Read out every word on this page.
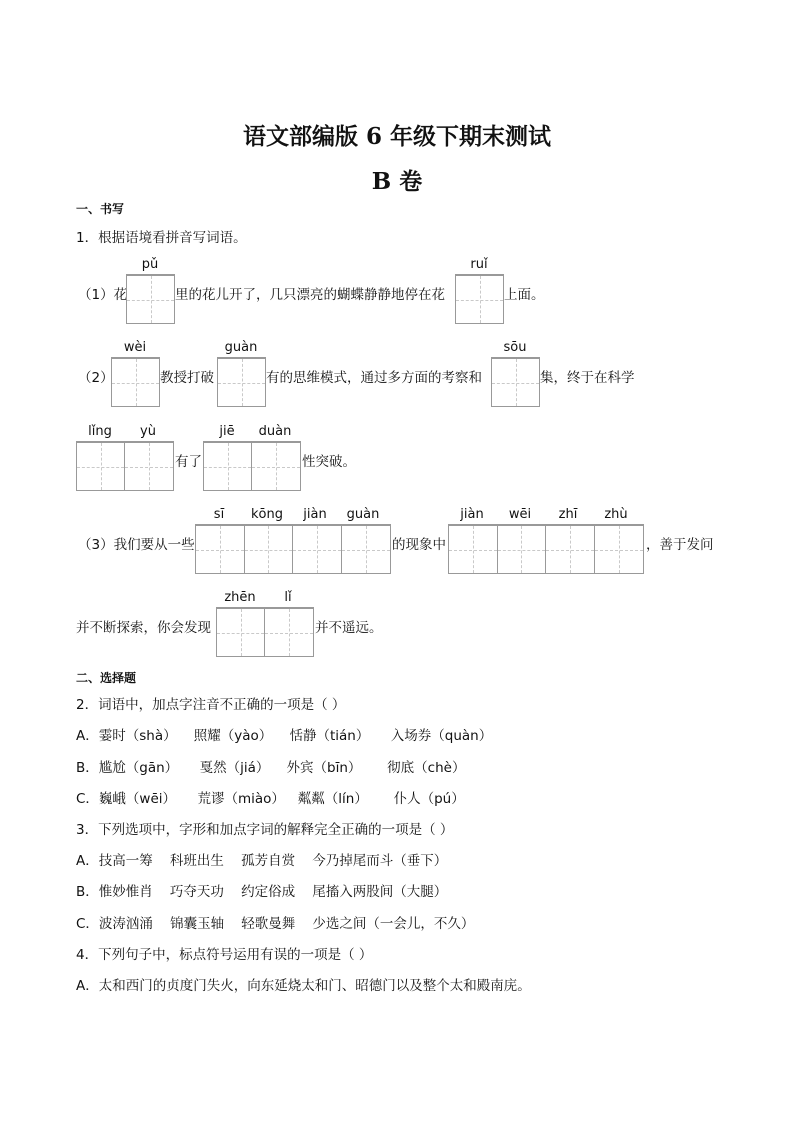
语文部编版 6 年级下期末测试
B 卷
一、书写
1．根据语境看拼音写词语。
（1）花
pǔ
里的花儿开了，几只漂亮的蝴蝶静静地停在花
ruǐ
上面。
（2）
wèi
教授打破
guàn
有的思维模式，通过多方面的考察和
sōu
集，终于在科学
lǐng	yù
有了
jiē	duàn
性突破。
（3）我们要从一些
sī	kōng	jiàn	guàn
的现象中
jiàn	wēi	zhī	zhù
，善于发问
并不断探索，你会发现
zhēn	lǐ
并不遥远。
二、选择题
2．词语中，加点字注音不正确的一项是（ ）
A．霎时（shà）    照耀（yào）    恬静（tián）     入场券（quàn）
B．尴尬（gān）     戛然（jiá）    外宾（bīn）      彻底（chè）
C．巍峨（wēi）     荒谬（miào）   粼粼（lín）      仆人（pú）
3．下列选项中，字形和加点字词的解释完全正确的一项是（ ）
A．技高一筹    科班出生    孤芳自赏    今乃掉尾而斗（垂下）
B．惟妙惟肖    巧夺天功    约定俗成    尾搐入两股间（大腿）
C．波涛汹涌    锦囊玉轴    轻歌曼舞    少选之间（一会儿，不久）
4．下列句子中，标点符号运用有误的一项是（ ）
A．太和西门的贞度门失火，向东延烧太和门、昭德门以及整个太和殿南庑。
